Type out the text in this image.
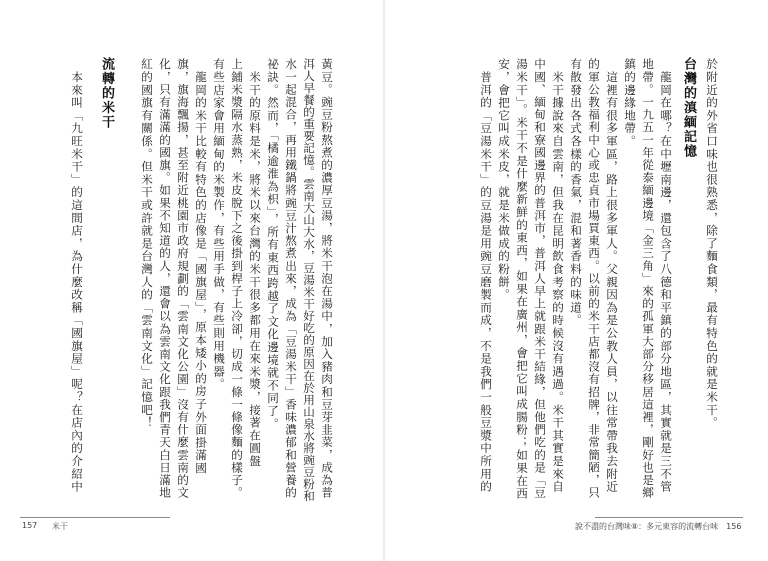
於附近的外省口味也很熟悉，除了麵食類，最有特色的就是米干。
台灣的滇緬記憶
　龍岡在哪？在中壢南邊，還包含了八德和平鎮的部分地區，其實就是三不管
地帶。一九五一年從泰緬邊境「金三角」來的孤軍大部分移居這裡，剛好也是鄉
鎮的邊緣地帶。
　這裡有很多軍區，路上很多軍人。父親因為是公教人員，以往常帶我去附近
的軍公教福利中心或忠貞市場買東西。以前的米干店都沒有招牌，非常簡陋，只
有散發出各式各樣的香氣，混和著香料的味道。
　米干據說來自雲南，但我在昆明飲食考察的時候沒有遇過。米干其實是來自
中國、緬甸和寮國邊界的普洱市，普洱人早上就跟米干結緣，但他們吃的是「豆
湯米干」。米干不是什麼新鮮的東西，如果在廣州，會把它叫成腸粉；如果在西
安，會把它叫成米皮，就是米做成的粉餅。
　普洱的「豆湯米干」的豆湯是用豌豆磨製而成，不是我們一般豆漿中所用的
說不盡的台灣味⑧：多元東容的流轉台味　156
黃豆。豌豆粉熬煮的濃厚豆湯，將米干泡在湯中，加入豬肉和豆芽韭菜，成為普
洱人早餐的重要記憶。雲南大山大水，豆湯米干好吃的原因在於用山泉水將豌豆粉和
水一起混合，再用鐵鍋將豌豆汁熬煮出來，成為「豆湯米干」香味濃郁和營養的
祕訣。然而，「橘逾淮為枳」，所有東西跨越了文化邊境就不同了。
　米干的原料是米，將米以來台灣的米干很多都用在來米漿，接著在圓盤
上鋪米漿隔水蒸熟，米皮脫下之後掛到桿子上冷卻，切成一條一條像麵的樣子。
有些店家會用緬甸的米製作，有些用手做，有些則用機器。
　龍岡的米干比較有特色的店像是「國旗屋」，原本矮小的房子外面掛滿國
旗，旗海飄揚，甚至附近桃園市政府規劃的「雲南文化公園」沒有什麼雲南的文
化，只有滿滿的國旗。如果不知道的人，還會以為雲南文化跟我們青天白日滿地
紅的國旗有關係。但米干或許就是台灣人的「雲南文化」記憶吧！
流轉的米干
　本來叫「九旺米干」的這間店，為什麼改稱「國旗屋」呢？在店內的介紹中
157 米干
